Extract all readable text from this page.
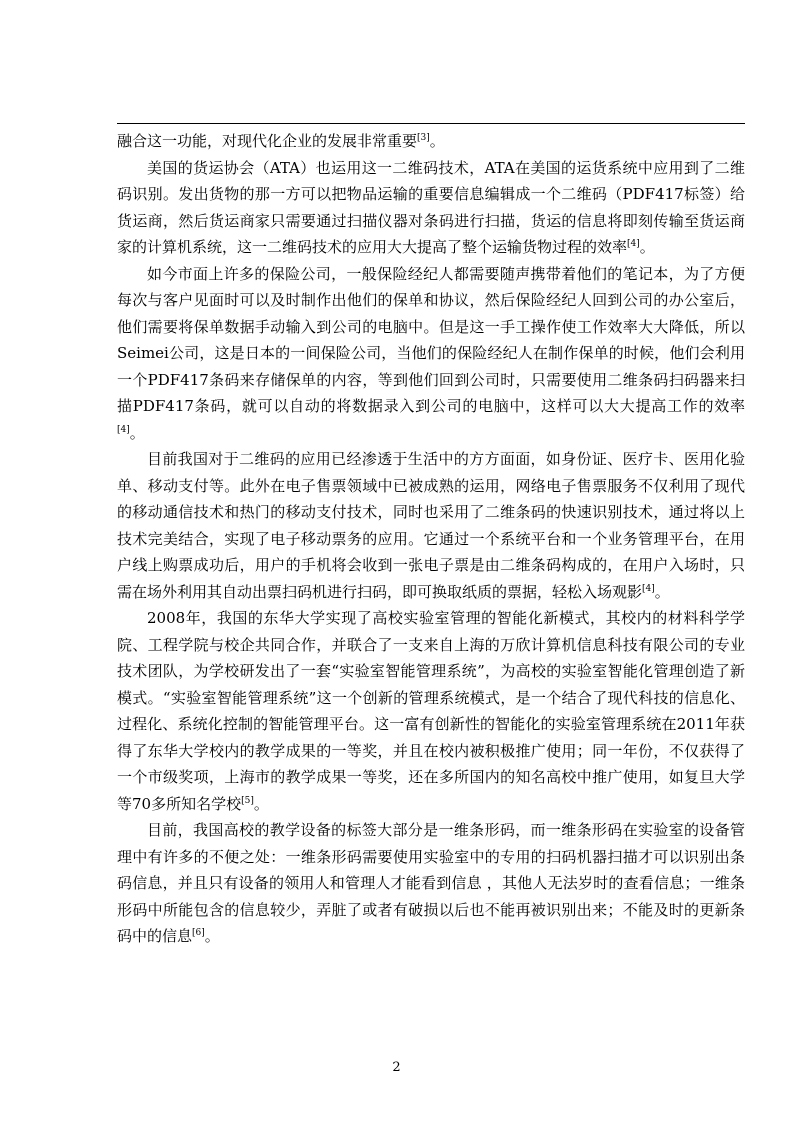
融合这一功能，对现代化企业的发展非常重要[3]。

美国的货运协会（ATA）也运用这一二维码技术，ATA在美国的运货系统中应用到了二维码识别。发出货物的那一方可以把物品运输的重要信息编辑成一个二维码（PDF417标签）给货运商，然后货运商家只需要通过扫描仪器对条码进行扫描，货运的信息将即刻传输至货运商家的计算机系统，这一二维码技术的应用大大提高了整个运输货物过程的效率[4]。

如今市面上许多的保险公司，一般保险经纪人都需要随声携带着他们的笔记本，为了方便每次与客户见面时可以及时制作出他们的保单和协议，然后保险经纪人回到公司的办公室后，他们需要将保单数据手动输入到公司的电脑中。但是这一手工操作使工作效率大大降低，所以Seimei公司，这是日本的一间保险公司，当他们的保险经纪人在制作保单的时候，他们会利用一个PDF417条码来存储保单的内容，等到他们回到公司时，只需要使用二维条码扫码器来扫描PDF417条码，就可以自动的将数据录入到公司的电脑中，这样可以大大提高工作的效率[4]。

目前我国对于二维码的应用已经渗透于生活中的方方面面，如身份证、医疗卡、医用化验单、移动支付等。此外在电子售票领域中已被成熟的运用，网络电子售票服务不仅利用了现代的移动通信技术和热门的移动支付技术，同时也采用了二维条码的快速识别技术，通过将以上技术完美结合，实现了电子移动票务的应用。它通过一个系统平台和一个业务管理平台，在用户线上购票成功后，用户的手机将会收到一张电子票是由二维条码构成的，在用户入场时，只需在场外利用其自动出票扫码机进行扫码，即可换取纸质的票据，轻松入场观影[4]。

2008年，我国的东华大学实现了高校实验室管理的智能化新模式，其校内的材料科学学院、工程学院与校企共同合作，并联合了一支来自上海的万欣计算机信息科技有限公司的专业技术团队，为学校研发出了一套“实验室智能管理系统”，为高校的实验室智能化管理创造了新模式。“实验室智能管理系统”这一个创新的管理系统模式，是一个结合了现代科技的信息化、过程化、系统化控制的智能管理平台。这一富有创新性的智能化的实验室管理系统在2011年获得了东华大学校内的教学成果的一等奖，并且在校内被积极推广使用；同一年份，不仅获得了一个市级奖项，上海市的教学成果一等奖，还在多所国内的知名高校中推广使用，如复旦大学等70多所知名学校[5]。

目前，我国高校的教学设备的标签大部分是一维条形码，而一维条形码在实验室的设备管理中有许多的不便之处：一维条形码需要使用实验室中的专用的扫码机器扫描才可以识别出条码信息，并且只有设备的领用人和管理人才能看到信息 ，其他人无法岁时的查看信息；一维条形码中所能包含的信息较少，弄脏了或者有破损以后也不能再被识别出来；不能及时的更新条码中的信息[6]。

2
